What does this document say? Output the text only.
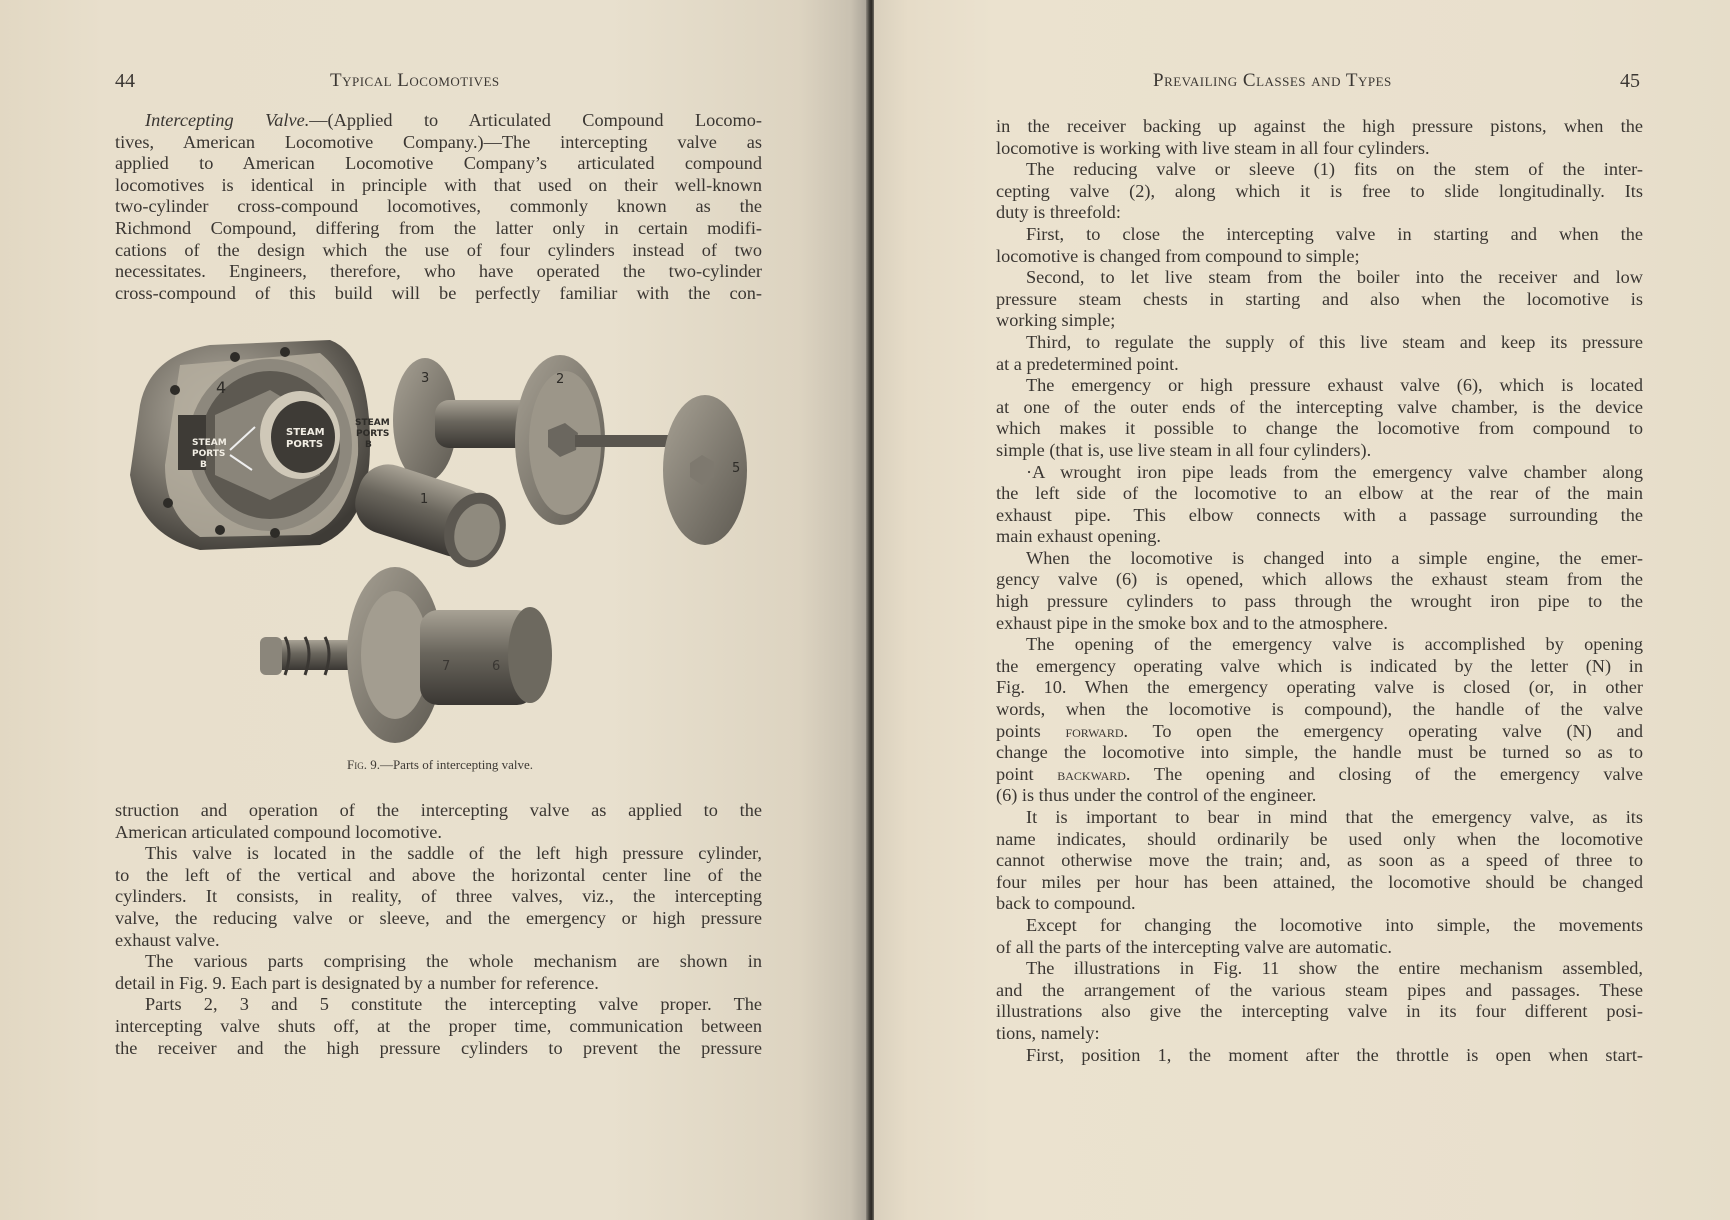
44	Typical Locomotives
Intercepting Valve.—(Applied to Articulated Compound Locomo-
tives, American Locomotive Company.)—The intercepting valve as
applied to American Locomotive Company’s articulated compound
locomotives is identical in principle with that used on their well-known
two-cylinder cross-compound locomotives, commonly known as the
Richmond Compound, differing from the latter only in certain modifi-
cations of the design which the use of four cylinders instead of two
necessitates. Engineers, therefore, who have operated the two-cylinder
cross-compound of this build will be perfectly familiar with the con-
4
STEAM PORTS B
STEAM PORTS
STEAM PORTS B
3	2
5
1
7	6
Fig. 9.—Parts of intercepting valve.
struction and operation of the intercepting valve as applied to the
American articulated compound locomotive.
This valve is located in the saddle of the left high pressure cylinder,
to the left of the vertical and above the horizontal center line of the
cylinders. It consists, in reality, of three valves, viz., the intercepting
valve, the reducing valve or sleeve, and the emergency or high pressure
exhaust valve.
The various parts comprising the whole mechanism are shown in
detail in Fig. 9. Each part is designated by a number for reference.
Parts 2, 3 and 5 constitute the intercepting valve proper. The
intercepting valve shuts off, at the proper time, communication between
the receiver and the high pressure cylinders to prevent the pressure
Prevailing Classes and Types	45
in the receiver backing up against the high pressure pistons, when the
locomotive is working with live steam in all four cylinders.
The reducing valve or sleeve (1) fits on the stem of the inter-
cepting valve (2), along which it is free to slide longitudinally. Its
duty is threefold:
First, to close the intercepting valve in starting and when the
locomotive is changed from compound to simple;
Second, to let live steam from the boiler into the receiver and low
pressure steam chests in starting and also when the locomotive is
working simple;
Third, to regulate the supply of this live steam and keep its pressure
at a predetermined point.
The emergency or high pressure exhaust valve (6), which is located
at one of the outer ends of the intercepting valve chamber, is the device
which makes it possible to change the locomotive from compound to
simple (that is, use live steam in all four cylinders).
·A wrought iron pipe leads from the emergency valve chamber along
the left side of the locomotive to an elbow at the rear of the main
exhaust pipe. This elbow connects with a passage surrounding the
main exhaust opening.
When the locomotive is changed into a simple engine, the emer-
gency valve (6) is opened, which allows the exhaust steam from the
high pressure cylinders to pass through the wrought iron pipe to the
exhaust pipe in the smoke box and to the atmosphere.
The opening of the emergency valve is accomplished by opening
the emergency operating valve which is indicated by the letter (N) in
Fig. 10. When the emergency operating valve is closed (or, in other
words, when the locomotive is compound), the handle of the valve
points forward. To open the emergency operating valve (N) and
change the locomotive into simple, the handle must be turned so as to
point backward. The opening and closing of the emergency valve
(6) is thus under the control of the engineer.
It is important to bear in mind that the emergency valve, as its
name indicates, should ordinarily be used only when the locomotive
cannot otherwise move the train; and, as soon as a speed of three to
four miles per hour has been attained, the locomotive should be changed
back to compound.
Except for changing the locomotive into simple, the movements
of all the parts of the intercepting valve are automatic.
The illustrations in Fig. 11 show the entire mechanism assembled,
and the arrangement of the various steam pipes and passages. These
illustrations also give the intercepting valve in its four different posi-
tions, namely:
First, position 1, the moment after the throttle is open when start-
